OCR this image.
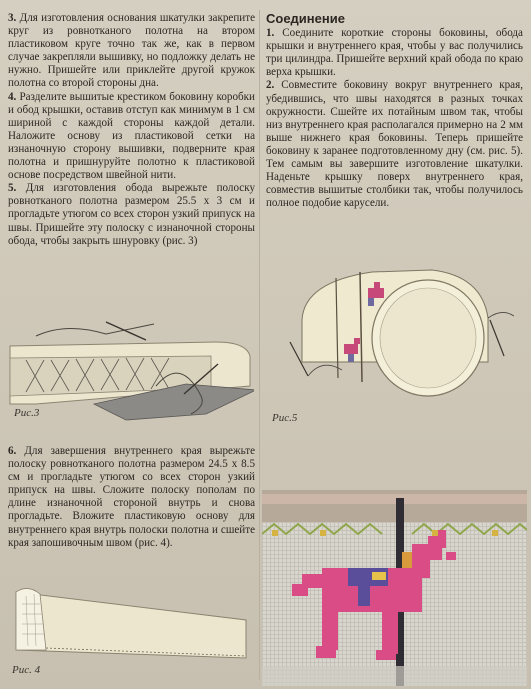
3. Для изготовления основания шкатулки закрепите круг из ровнотканого полотна на втором пластиковом круге точно так же, как в первом случае закрепляли вышивку, но подложку делать не нужно. Пришейте или приклейте другой кружок полотна со второй стороны дна.

4. Разделите вышитые крестиком боковину коробки и обод крышки, оставив отступ как минимум в 1 см шириной с каждой стороны каждой детали. Наложите основу из пластиковой сетки на изнаночную сторону вышивки, подверните края полотна и пришнуруйте полотно к пластиковой основе посредством швейной нити.

5. Для изготовления обода вырежьте полоску ровнотканого полотна размером 25.5 x 3 см и прогладьте утюгом со всех сторон узкий припуск на швы. Пришейте эту полоску с изнаночной стороны обода, чтобы закрыть шнуровку (рис. 3)

Рис.3

6. Для завершения внутреннего края вырежьте полоску ровнотканого полотна размером 24.5 x 8.5 см и прогладьте утюгом со всех сторон узкий припуск на швы. Сложите полоску пополам по длине изнаночной стороной внутрь и снова прогладьте. Вложите пластиковую основу для внутреннего края внутрь полоски полотна и сшейте края запошивочным швом (рис. 4).

Рис. 4
Соединение

1. Соедините короткие стороны боковины, обода крышки и внутреннего края, чтобы у вас получились три цилиндра. Пришейте верхний край обода по краю верха крышки.

2. Совместите боковину вокруг внутреннего края, убедившись, что швы находятся в разных точках окружности. Сшейте их потайным швом так, чтобы низ внутреннего края располагался примерно на 2 мм выше нижнего края боковины. Теперь пришейте боковину к заранее подготовленному дну (см. рис. 5). Тем самым вы завершите изготовление шкатулки. Наденьте крышку поверх внутреннего края, совместив вышитые столбики так, чтобы получилось полное подобие карусели.

Рис.5
